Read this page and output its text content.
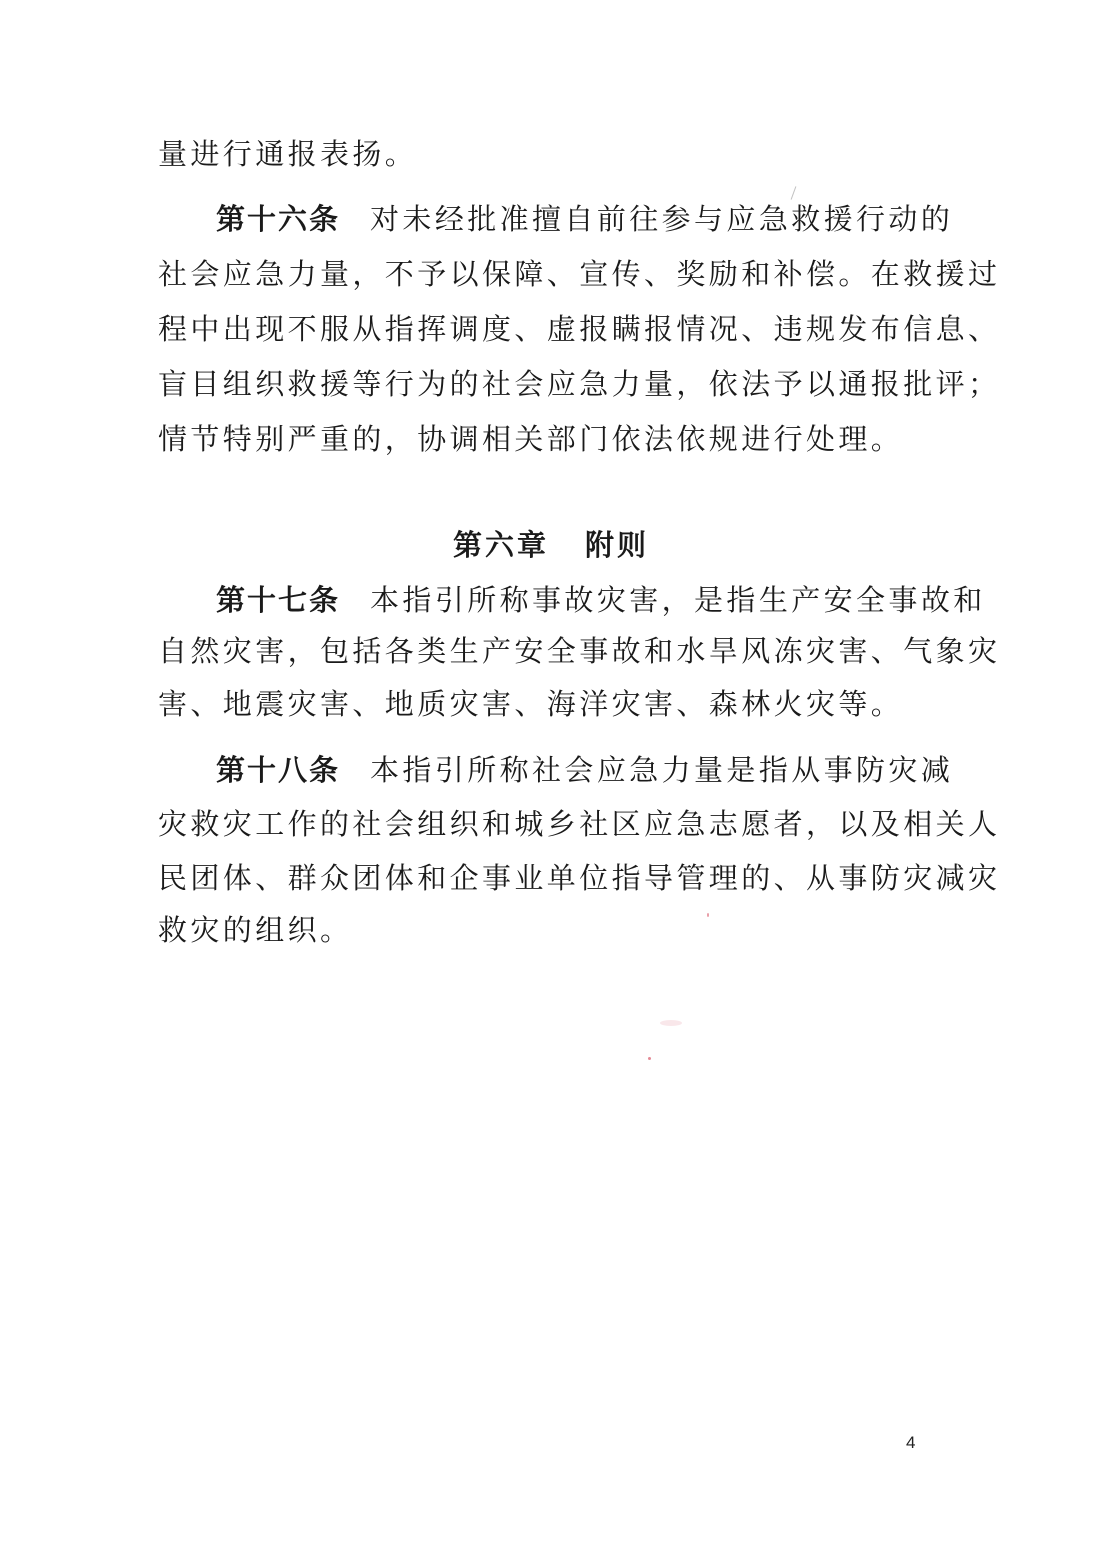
量进行通报表扬。
第十六条 对未经批准擅自前往参与应急救援行动的
社会应急力量，不予以保障、宣传、奖励和补偿。在救援过
程中出现不服从指挥调度、虚报瞒报情况、违规发布信息、
盲目组织救援等行为的社会应急力量，依法予以通报批评；
情节特别严重的，协调相关部门依法依规进行处理。
第六章 附则
第十七条 本指引所称事故灾害，是指生产安全事故和
自然灾害，包括各类生产安全事故和水旱风冻灾害、气象灾
害、地震灾害、地质灾害、海洋灾害、森林火灾等。
第十八条 本指引所称社会应急力量是指从事防灾减
灾救灾工作的社会组织和城乡社区应急志愿者，以及相关人
民团体、群众团体和企事业单位指导管理的、从事防灾减灾
救灾的组织。
4
